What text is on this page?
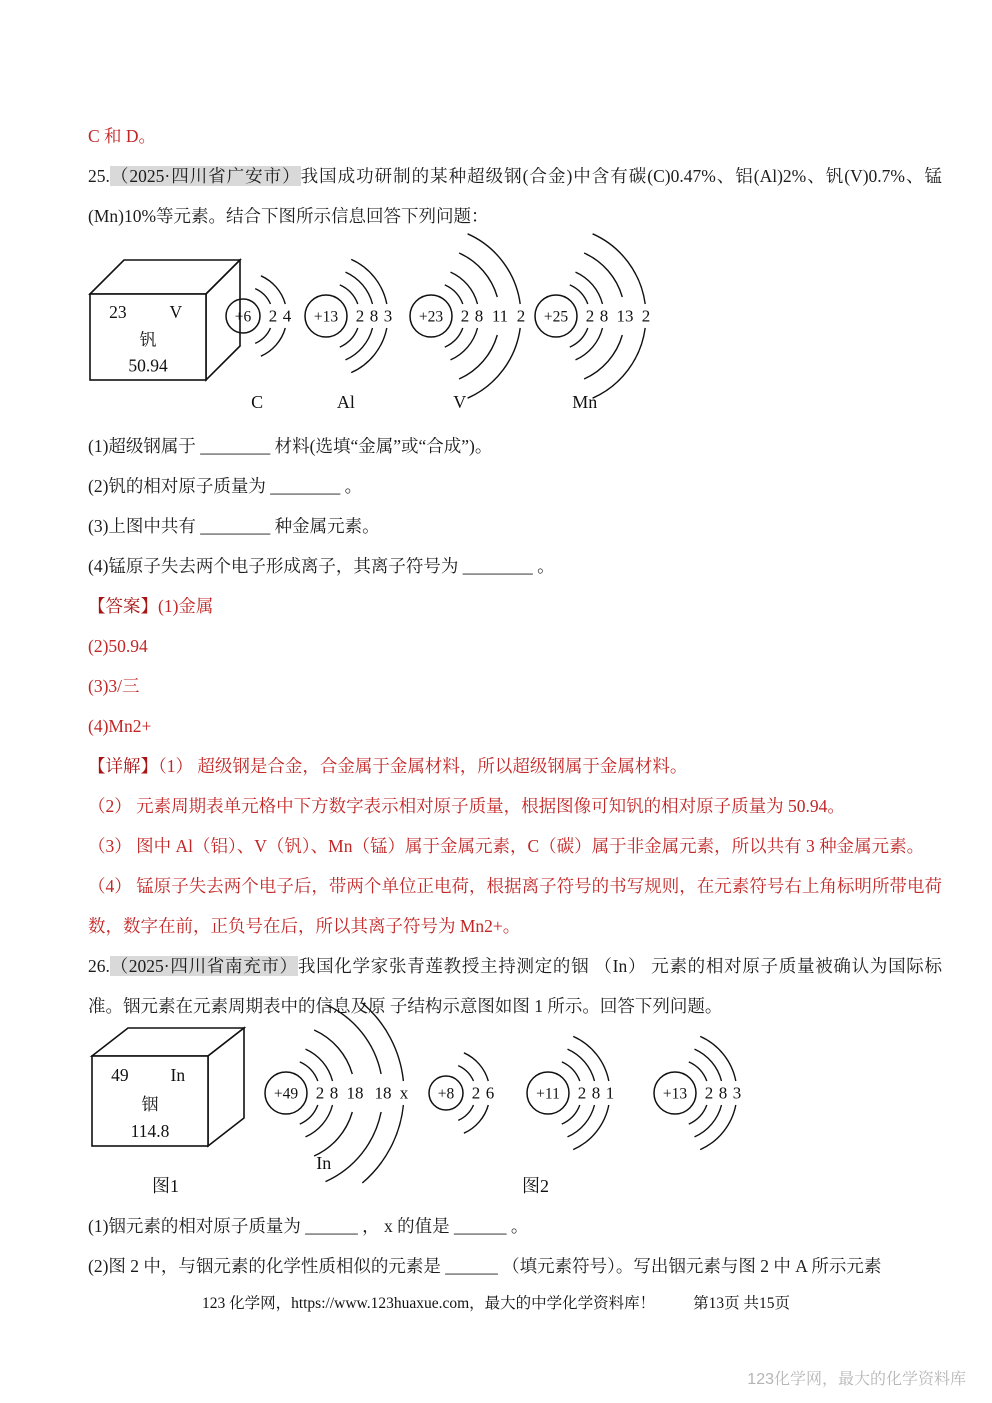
C 和 D。

25.（2025·四川省广安市）我国成功研制的某种超级钢(合金)中含有碳(C)0.47%、铝(Al)2%、钒(V)0.7%、锰(Mn)10%等元素。结合下图所示信息回答下列问题：

23 V
钒
50.94
+6 2 4
C
+13 2 8 3
Al
+23 2 8 11 2
V
+25 2 8 13 2
Mn

(1)超级钢属于 ________ 材料(选填“金属”或“合成”)。

(2)钒的相对原子质量为 ________ 。

(3)上图中共有 ________ 种金属元素。

(4)锰原子失去两个电子形成离子，其离子符号为 ________ 。

【答案】(1)金属

(2)50.94

(3)3/三

(4)Mn2+

【详解】（1） 超级钢是合金，合金属于金属材料，所以超级钢属于金属材料。

（2） 元素周期表单元格中下方数字表示相对原子质量，根据图像可知钒的相对原子质量为 50.94。

（3） 图中 Al（铝）、V（钒）、Mn（锰）属于金属元素，C（碳）属于非金属元素，所以共有 3 种金属元素。

（4） 锰原子失去两个电子后，带两个单位正电荷，根据离子符号的书写规则，在元素符号右上角标明所带电荷数，数字在前，正负号在后，所以其离子符号为 Mn2+。

26.（2025·四川省南充市）我国化学家张青莲教授主持测定的铟 （In） 元素的相对原子质量被确认为国际标准。铟元素在元素周期表中的信息及原 子结构示意图如图 1 所示。回答下列问题。

49 In
铟
114.8
+49 2 8 18 18 x
In
+8 2 6	+11 2 8 1	+13 2 8 3
图1	图2

(1)铟元素的相对原子质量为 ______ ， x 的值是 ______ 。

(2)图 2 中，与铟元素的化学性质相似的元素是 ______ （填元素符号）。写出铟元素与图 2 中 A 所示元素

123 化学网，https://www.123huaxue.com，最大的中学化学资料库！ 第13页 共15页
123化学网，最大的化学资料库
